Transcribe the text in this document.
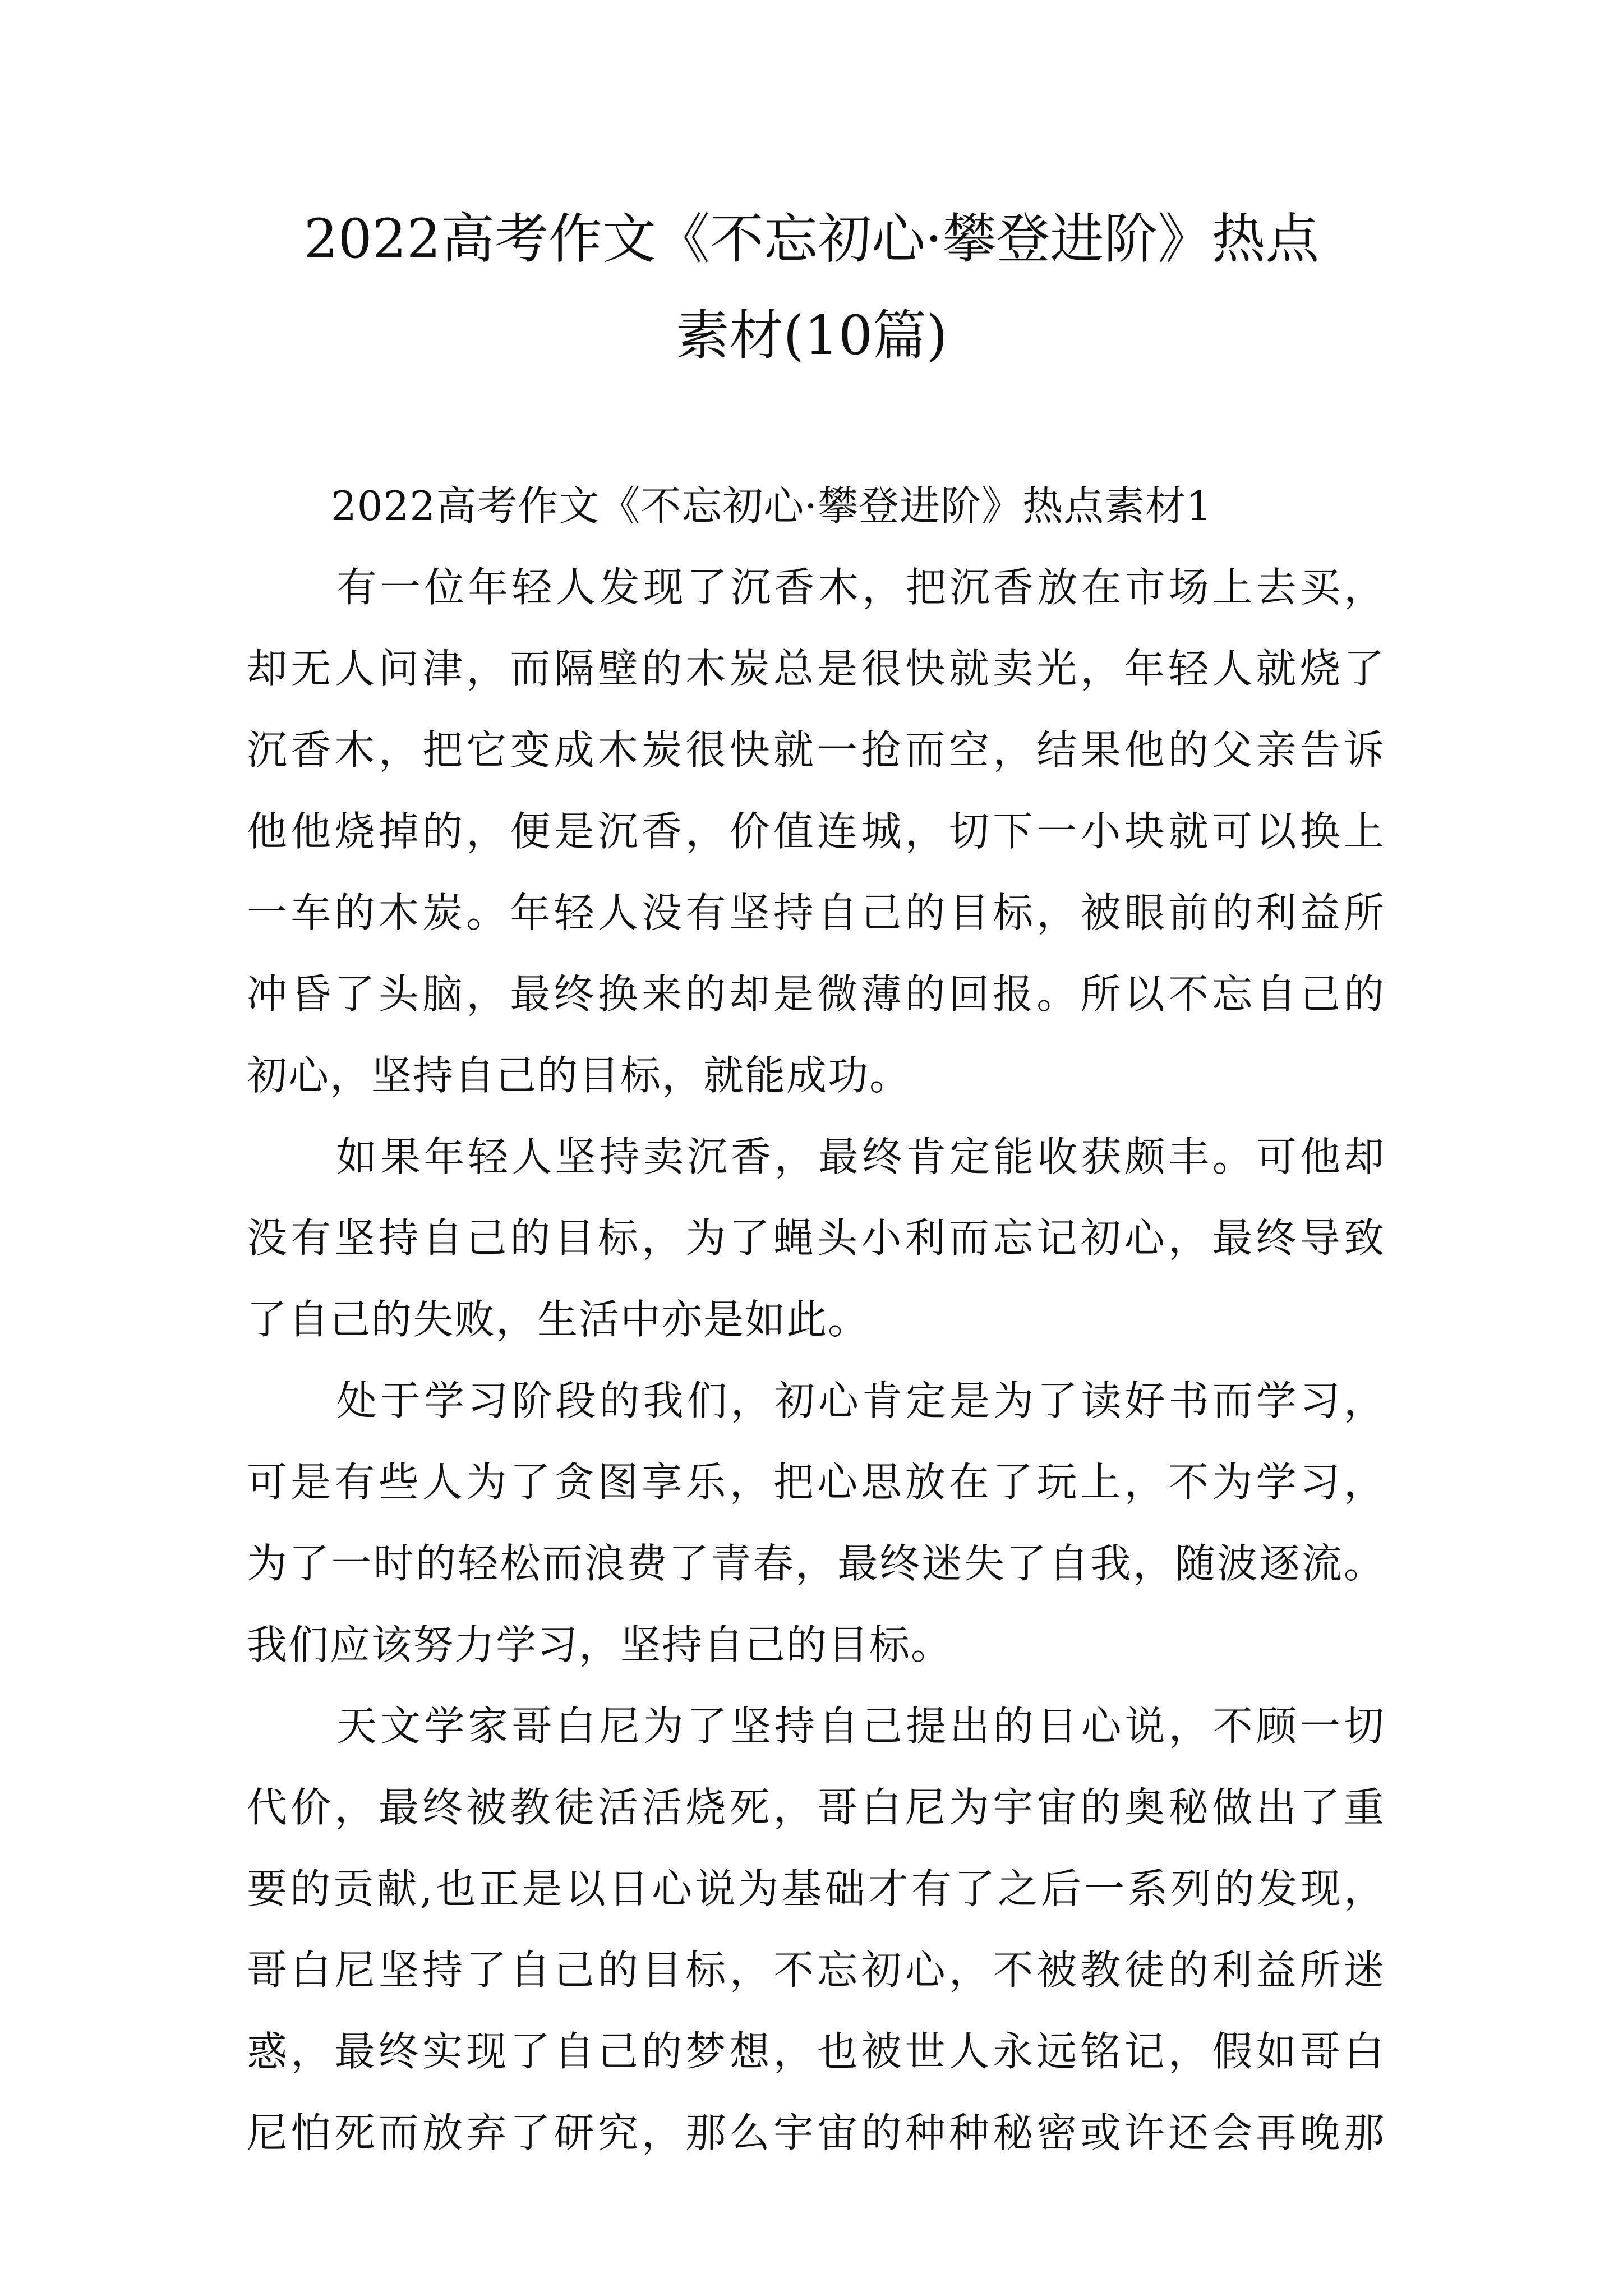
2022高考作文《不忘初心·攀登进阶》热点
素材(10篇)
2022高考作文《不忘初心·攀登进阶》热点素材1
有一位年轻人发现了沉香木，把沉香放在市场上去买，
却无人问津，而隔壁的木炭总是很快就卖光，年轻人就烧了
沉香木，把它变成木炭很快就一抢而空，结果他的父亲告诉
他他烧掉的，便是沉香，价值连城，切下一小块就可以换上
一车的木炭。年轻人没有坚持自己的目标，被眼前的利益所
冲昏了头脑，最终换来的却是微薄的回报。所以不忘自己的
初心，坚持自己的目标，就能成功。
如果年轻人坚持卖沉香，最终肯定能收获颇丰。可他却
没有坚持自己的目标，为了蝇头小利而忘记初心，最终导致
了自己的失败，生活中亦是如此。
处于学习阶段的我们，初心肯定是为了读好书而学习，
可是有些人为了贪图享乐，把心思放在了玩上，不为学习，
为了一时的轻松而浪费了青春，最终迷失了自我，随波逐流。
我们应该努力学习，坚持自己的目标。
天文学家哥白尼为了坚持自己提出的日心说，不顾一切
代价，最终被教徒活活烧死，哥白尼为宇宙的奥秘做出了重
要的贡献,也正是以日心说为基础才有了之后一系列的发现，
哥白尼坚持了自己的目标，不忘初心，不被教徒的利益所迷
惑，最终实现了自己的梦想，也被世人永远铭记，假如哥白
尼怕死而放弃了研究，那么宇宙的种种秘密或许还会再晚那
